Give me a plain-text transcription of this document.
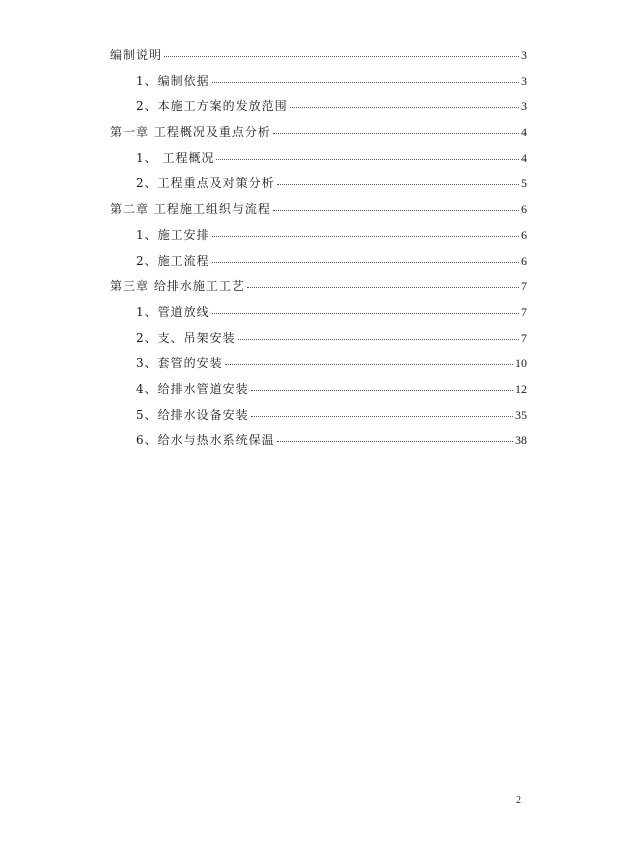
编制说明	3
1、编制依据	3
2、本施工方案的发放范围	3
第一章 工程概况及重点分析	4
1、 工程概况	4
2、工程重点及对策分析	5
第二章 工程施工组织与流程	6
1、施工安排	6
2、施工流程	6
第三章 给排水施工工艺	7
1、管道放线	7
2、支、吊架安装	7
3、套管的安装	10
4、给排水管道安装	12
5、给排水设备安装	35
6、给水与热水系统保温	38
2
